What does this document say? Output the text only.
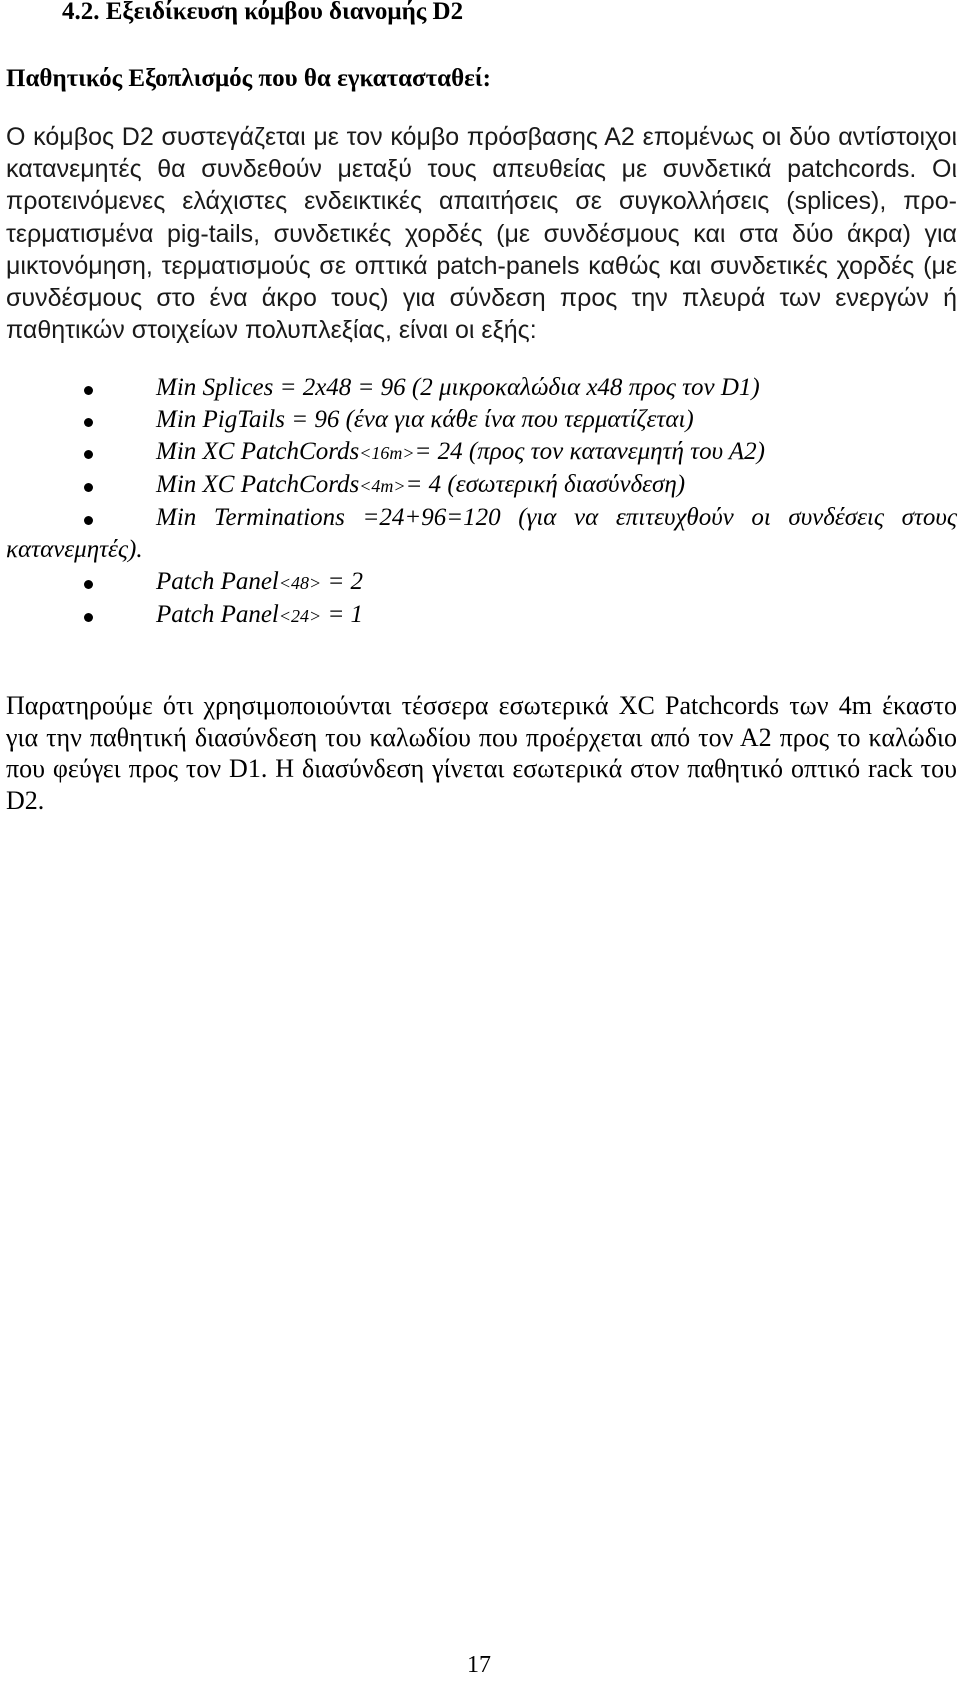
4.2. Εξειδίκευση κόμβου διανομής D2
Παθητικός Εξοπλισμός που θα εγκατασταθεί:

Ο κόμβος D2 συστεγάζεται με τον κόμβο πρόσβασης Α2 επομένως οι δύο αντίστοιχοι κατανεμητές θα συνδεθούν μεταξύ τους απευθείας με συνδετικά patchcords. Οι προτεινόμενες ελάχιστες ενδεικτικές απαιτήσεις σε συγκολλήσεις (splices), προ-τερματισμένα pig-tails, συνδετικές χορδές (με συνδέσμους και στα δύο άκρα) για μικτονόμηση, τερματισμούς σε οπτικά patch-panels καθώς και συνδετικές χορδές (με συνδέσμους στο ένα άκρο τους) για σύνδεση προς την πλευρά των ενεργών ή παθητικών στοιχείων πολυπλεξίας, είναι οι εξής:

Min Splices = 2x48 = 96 (2 μικροκαλώδια x48 προς τον D1)
Min PigTails = 96 (ένα για κάθε ίνα που τερματίζεται)
Min XC PatchCords<16m>= 24 (προς τον κατανεμητή του Α2)
Min XC PatchCords<4m>= 4 (εσωτερική διασύνδεση)
Min Terminations =24+96=120 (για να επιτευχθούν οι συνδέσεις στους κατανεμητές).
Patch Panel<48> = 2
Patch Panel<24> = 1

Παρατηρούμε ότι χρησιμοποιούνται τέσσερα εσωτερικά XC Patchcords των 4m έκαστο για την παθητική διασύνδεση του καλωδίου που προέρχεται από τον Α2 προς το καλώδιο που φεύγει προς τον D1. Η διασύνδεση γίνεται εσωτερικά στον παθητικό οπτικό rack του D2.

17
